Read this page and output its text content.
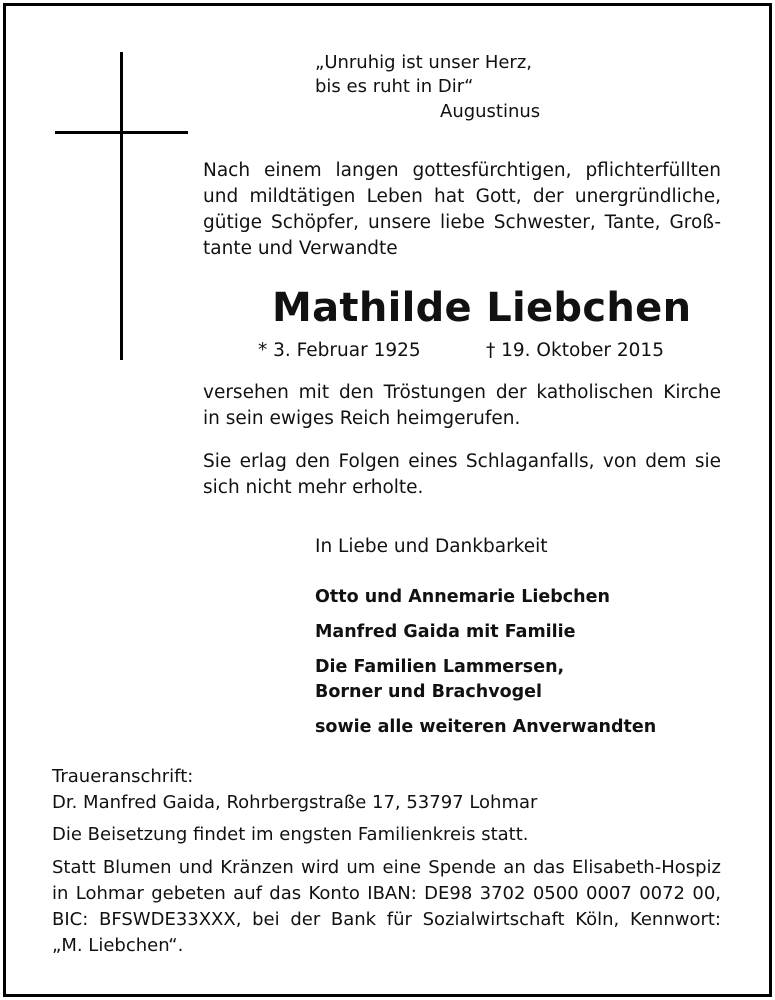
„Unruhig ist unser Herz,
bis es ruht in Dir“
Augustinus
Nach einem langen gottesfürchtigen, pflichterfüllten
und mildtätigen Leben hat Gott, der unergründliche,
gütige Schöpfer, unsere liebe Schwester, Tante, Groß-
tante und Verwandte
Mathilde Liebchen
* 3. Februar 1925	† 19. Oktober 2015
versehen mit den Tröstungen der katholischen Kirche
in sein ewiges Reich heimgerufen.
Sie erlag den Folgen eines Schlaganfalls, von dem sie
sich nicht mehr erholte.
In Liebe und Dankbarkeit
Otto und Annemarie Liebchen
Manfred Gaida mit Familie
Die Familien Lammersen,
Borner und Brachvogel
sowie alle weiteren Anverwandten
Traueranschrift:
Dr. Manfred Gaida, Rohrbergstraße 17, 53797 Lohmar
Die Beisetzung findet im engsten Familienkreis statt.
Statt Blumen und Kränzen wird um eine Spende an das Elisabeth-Hospiz
in Lohmar gebeten auf das Konto IBAN: DE98 3702 0500 0007 0072 00,
BIC: BFSWDE33XXX, bei der Bank für Sozialwirtschaft Köln, Kennwort:
„M. Liebchen“.
